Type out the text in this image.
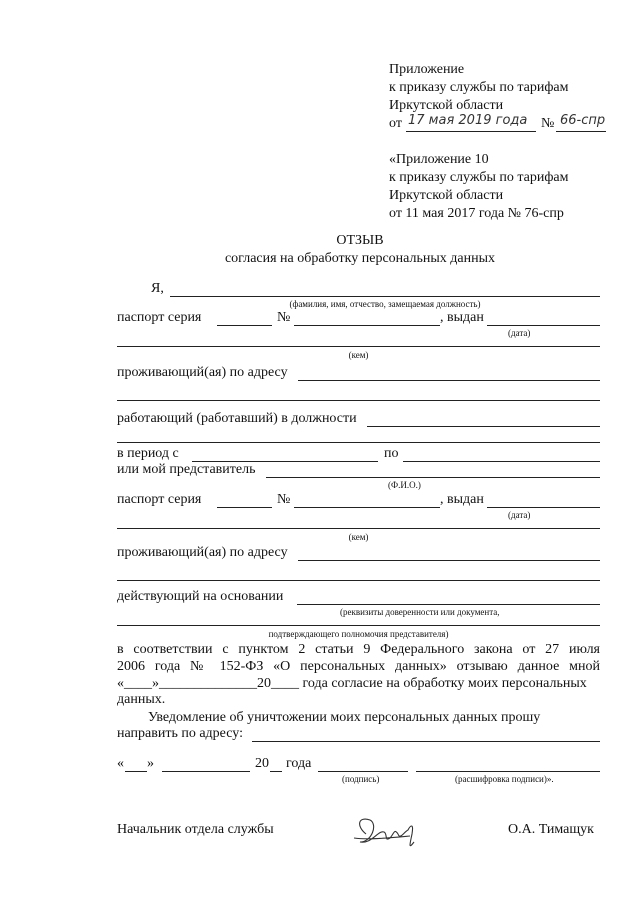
Приложение
к приказу службы по тарифам
Иркутской области
от 17 мая 2019 года № 66-спр
«Приложение 10
к приказу службы по тарифам
Иркутской области
от 11 мая 2017 года № 76-спр
ОТЗЫВ
согласия на обработку персональных данных
Я,
(фамилия, имя, отчество, замещаемая должность)
паспорт серия	№	, выдан
(дата)
(кем)
проживающий(ая) по адресу
работающий (работавший) в должности
в период с	по
или мой представитель
(Ф.И.О.)
паспорт серия	№	, выдан
(дата)
(кем)
проживающий(ая) по адресу
действующий на основании
(реквизиты доверенности или документа,
подтверждающего полномочия представителя)
в соответствии с пунктом 2 статьи 9 Федерального закона от 27 июля
2006 года № 152-ФЗ «О персональных данных» отзываю данное мной
«____»______________20____ года согласие на обработку моих персональных
данных.
Уведомление об уничтожении моих персональных данных прошу
направить по адресу:
« »	20 года
(подпись)	(расшифровка подписи)».
Начальник отдела службы	О.А. Тимащук
